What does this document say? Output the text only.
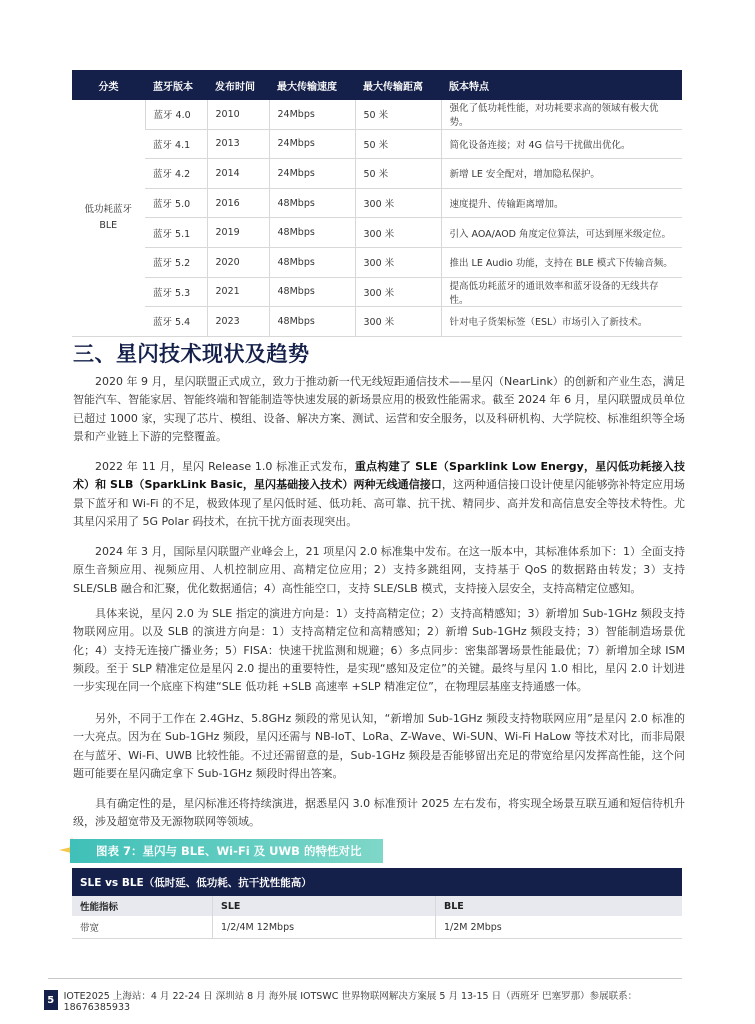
分类	蓝牙版本	发布时间	最大传输速度	最大传输距离	版本特点
低功耗蓝牙 BLE	蓝牙 4.0	2010	24Mbps	50 米	强化了低功耗性能，对功耗要求高的领域有极大优势。
	蓝牙 4.1	2013	24Mbps	50 米	简化设备连接；对 4G 信号干扰做出优化。
	蓝牙 4.2	2014	24Mbps	50 米	新增 LE 安全配对，增加隐私保护。
	蓝牙 5.0	2016	48Mbps	300 米	速度提升、传输距离增加。
	蓝牙 5.1	2019	48Mbps	300 米	引入 AOA/AOD 角度定位算法，可达到厘米级定位。
	蓝牙 5.2	2020	48Mbps	300 米	推出 LE Audio 功能，支持在 BLE 模式下传输音频。
	蓝牙 5.3	2021	48Mbps	300 米	提高低功耗蓝牙的通讯效率和蓝牙设备的无线共存性。
	蓝牙 5.4	2023	48Mbps	300 米	针对电子货架标签（ESL）市场引入了新技术。
三、星闪技术现状及趋势

2020 年 9 月，星闪联盟正式成立，致力于推动新一代无线短距通信技术——星闪（NearLink）的创新和产业生态，满足智能汽车、智能家居、智能终端和智能制造等快速发展的新场景应用的极致性能需求。截至 2024 年 6 月，星闪联盟成员单位已超过 1000 家，实现了芯片、模组、设备、解决方案、测试、运营和安全服务，以及科研机构、大学院校、标准组织等全场景和产业链上下游的完整覆盖。

2022 年 11 月，星闪 Release 1.0 标准正式发布，重点构建了 SLE（Sparklink Low Energy，星闪低功耗接入技术）和 SLB（SparkLink Basic，星闪基础接入技术）两种无线通信接口，这两种通信接口设计使星闪能够弥补特定应用场景下蓝牙和 Wi-Fi 的不足，极致体现了星闪低时延、低功耗、高可靠、抗干扰、精同步、高并发和高信息安全等技术特性。尤其星闪采用了 5G Polar 码技术，在抗干扰方面表现突出。

2024 年 3 月，国际星闪联盟产业峰会上，21 项星闪 2.0 标准集中发布。在这一版本中，其标准体系加下：1）全面支持原生音频应用、视频应用、人机控制应用、高精定位应用；2）支持多跳组网，支持基于 QoS 的数据路由转发；3）支持 SLE/SLB 融合和汇聚，优化数据通信；4）高性能空口，支持 SLE/SLB 模式，支持接入层安全，支持高精定位感知。

具体来说，星闪 2.0 为 SLE 指定的演进方向是：1）支持高精定位；2）支持高精感知；3）新增加 Sub-1GHz 频段支持物联网应用。以及 SLB 的演进方向是：1）支持高精定位和高精感知；2）新增 Sub-1GHz 频段支持；3）智能制造场景优化；4）支持无连接广播业务；5）FISA：快速干扰监测和规避；6）多点同步：密集部署场景性能最优；7）新增加全球 ISM 频段。至于 SLP 精准定位是星闪 2.0 提出的重要特性，是实现“感知及定位”的关键。最终与星闪 1.0 相比，星闪 2.0 计划进一步实现在同一个底座下构建“SLE 低功耗 +SLB 高速率 +SLP 精准定位”，在物理层基座支持通感一体。

另外，不同于工作在 2.4GHz、5.8GHz 频段的常见认知，“新增加 Sub-1GHz 频段支持物联网应用”是星闪 2.0 标准的一大亮点。因为在 Sub-1GHz 频段，星闪还需与 NB-IoT、LoRa、Z-Wave、Wi-SUN、Wi-Fi HaLow 等技术对比，而非局限在与蓝牙、Wi-Fi、UWB 比较性能。不过还需留意的是，Sub-1GHz 频段是否能够留出充足的带宽给星闪发挥高性能，这个问题可能要在星闪确定拿下 Sub-1GHz 频段时得出答案。

具有确定性的是，星闪标准还将持续演进，据悉星闪 3.0 标准预计 2025 左右发布，将实现全场景互联互通和短信待机升级，涉及超宽带及无源物联网等领域。

图表 7：星闪与 BLE、Wi-Fi 及 UWB 的特性对比
SLE vs BLE（低时延、低功耗、抗干扰性能高）		
性能指标	SLE	BLE
带宽	1/2/4M 12Mbps	1/2M 2Mbps
5 IOTE2025 上海站：4 月 22-24 日 深圳站 8 月 海外展 IOTSWC 世界物联网解决方案展 5 月 13-15 日（西班牙 巴塞罗那）参展联系：18676385933
